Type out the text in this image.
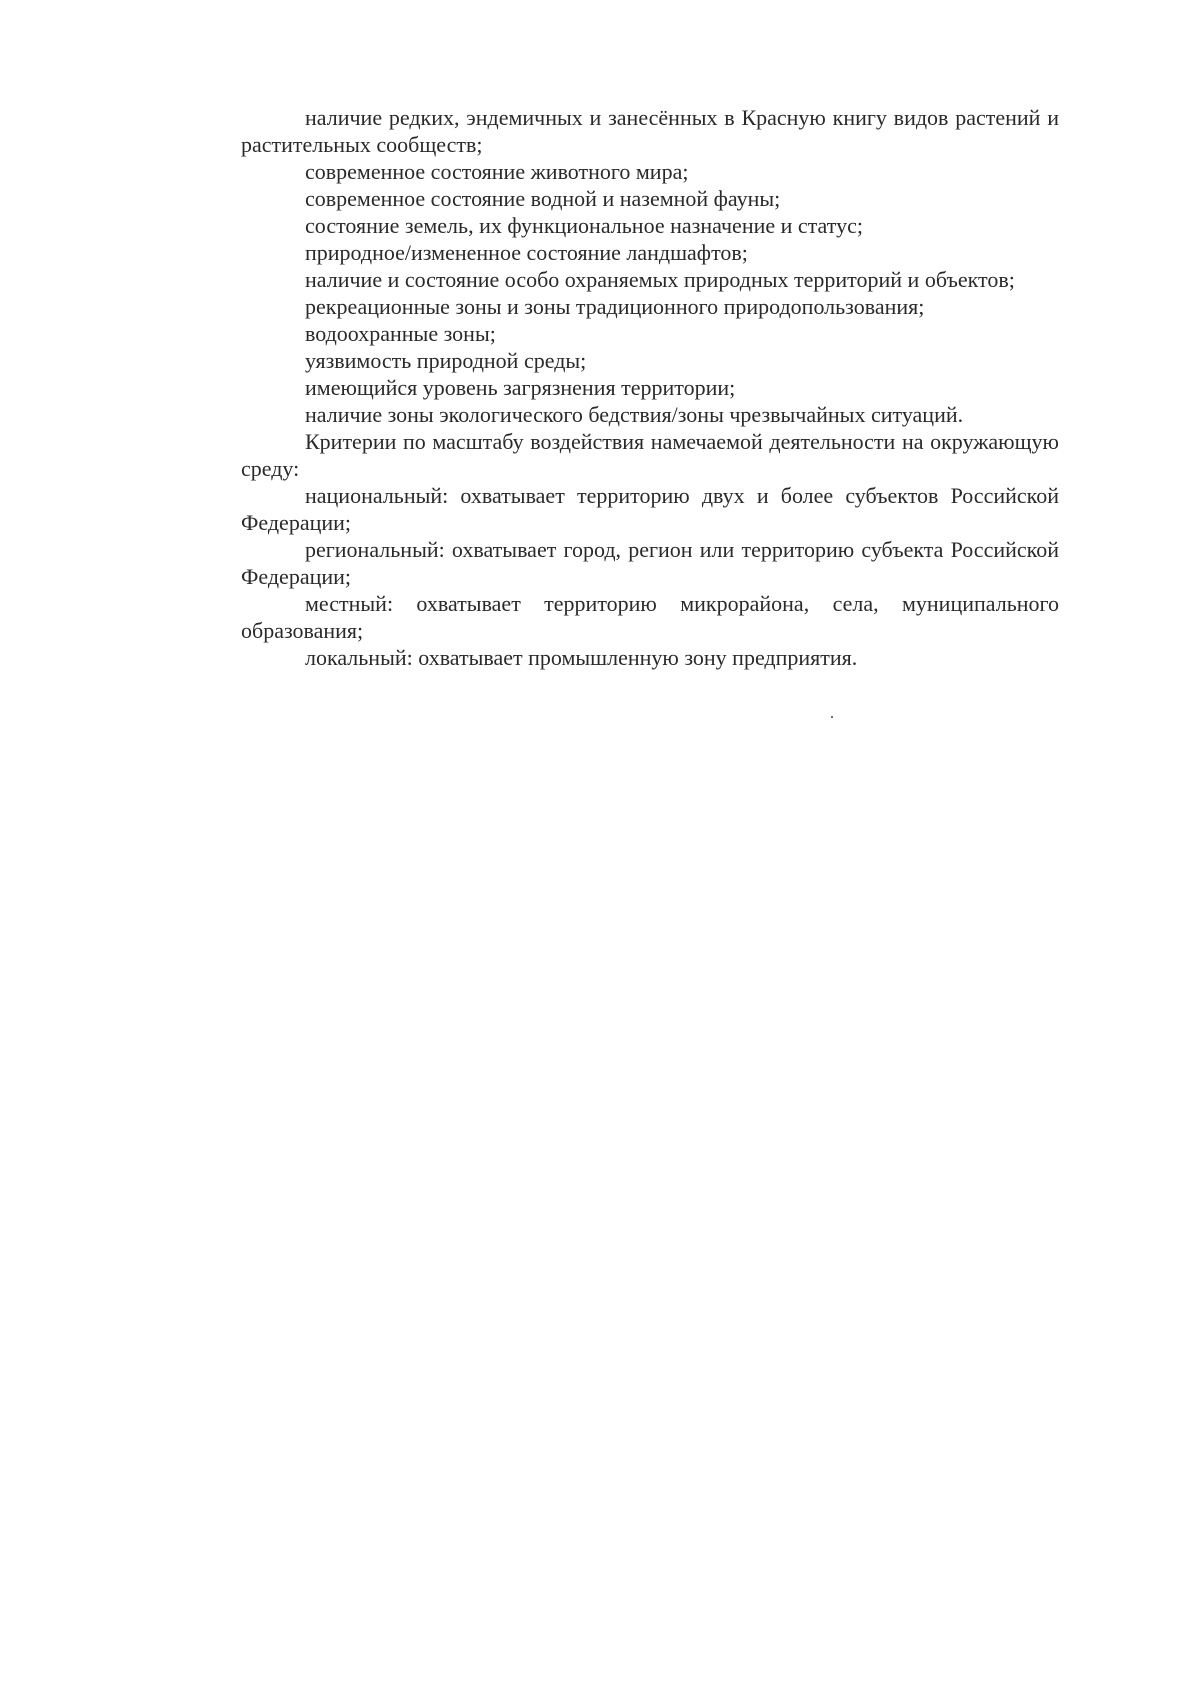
наличие редких, эндемичных и занесённых в Красную книгу видов растений и растительных сообществ;

современное состояние животного мира;

современное состояние водной и наземной фауны;

состояние земель, их функциональное назначение и статус;

природное/измененное состояние ландшафтов;

наличие и состояние особо охраняемых природных территорий и объектов;

рекреационные зоны и зоны традиционного природопользования;

водоохранные зоны;

уязвимость природной среды;

имеющийся уровень загрязнения территории;

наличие зоны экологического бедствия/зоны чрезвычайных ситуаций.

Критерии по масштабу воздействия намечаемой деятельности на окружающую среду:

национальный: охватывает территорию двух и более субъектов Российской Федерации;

региональный: охватывает город, регион или территорию субъекта Российской Федерации;

местный: охватывает территорию микрорайона, села, муниципального образования;

локальный: охватывает промышленную зону предприятия.
